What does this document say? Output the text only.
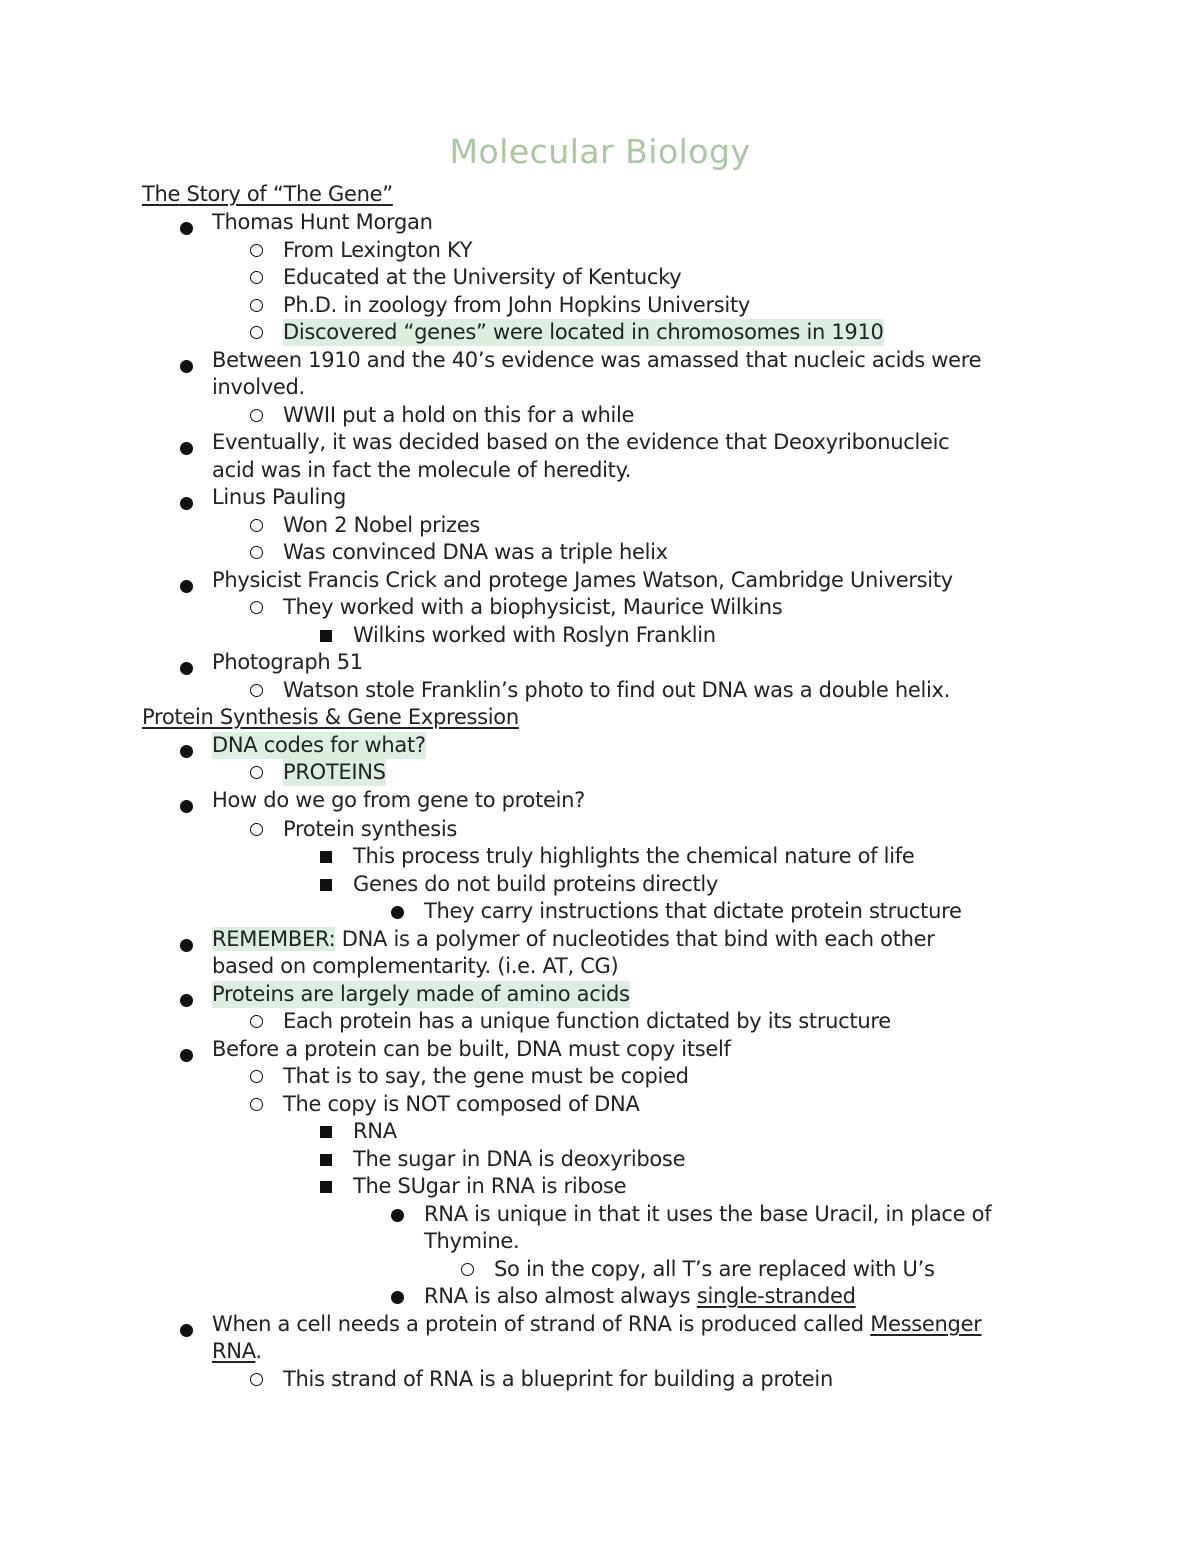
Molecular Biology
The Story of “The Gene”
Thomas Hunt Morgan
From Lexington KY
Educated at the University of Kentucky
Ph.D. in zoology from John Hopkins University
Discovered “genes” were located in chromosomes in 1910
Between 1910 and the 40’s evidence was amassed that nucleic acids were
involved.
WWII put a hold on this for a while
Eventually, it was decided based on the evidence that Deoxyribonucleic
acid was in fact the molecule of heredity.
Linus Pauling
Won 2 Nobel prizes
Was convinced DNA was a triple helix
Physicist Francis Crick and protege James Watson, Cambridge University
They worked with a biophysicist, Maurice Wilkins
Wilkins worked with Roslyn Franklin
Photograph 51
Watson stole Franklin’s photo to find out DNA was a double helix.
Protein Synthesis & Gene Expression
DNA codes for what?
PROTEINS
How do we go from gene to protein?
Protein synthesis
This process truly highlights the chemical nature of life
Genes do not build proteins directly
They carry instructions that dictate protein structure
REMEMBER: DNA is a polymer of nucleotides that bind with each other
based on complementarity. (i.e. AT, CG)
Proteins are largely made of amino acids
Each protein has a unique function dictated by its structure
Before a protein can be built, DNA must copy itself
That is to say, the gene must be copied
The copy is NOT composed of DNA
RNA
The sugar in DNA is deoxyribose
The SUgar in RNA is ribose
RNA is unique in that it uses the base Uracil, in place of
Thymine.
So in the copy, all T’s are replaced with U’s
RNA is also almost always single-stranded
When a cell needs a protein of strand of RNA is produced called Messenger
RNA.
This strand of RNA is a blueprint for building a protein
